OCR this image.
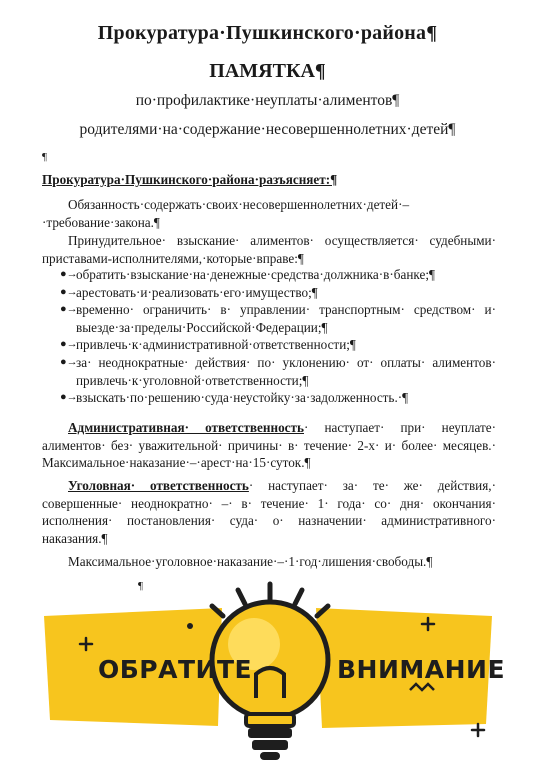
Прокуратура·Пушкинского·района¶
ПАМЯТКА¶
по·профилактике·неуплаты·алиментов¶
родителями·на·содержание·несовершеннолетних·детей¶
¶
Прокуратура·Пушкинского·района·разъясняет:¶
Обязанность·содержать·своих·несовершеннолетних·детей·–·требование·закона.¶
Принудительное· взыскание· алиментов· осуществляется· судебными· приставами-исполнителями,·которые·вправе:¶
●→
обратить·взыскание·на·денежные·средства·должника·в·банке;¶
●→
арестовать·и·реализовать·его·имущество;¶
●→
временно· ограничить· в· управлении· транспортным· средством· и· выезде·за·пределы·Российской·Федерации;¶
●→
привлечь·к·административной·ответственности;¶
●→
за· неоднократные· действия· по· уклонению· от· оплаты· алиментов· привлечь·к·уголовной·ответственности;¶
●→
взыскать·по·решению·суда·неустойку·за·задолженность.·¶
Административная· ответственность· наступает· при· неуплате· алиментов· без· уважительной· причины· в· течение· 2-х· и· более· месяцев.· Максимальное·наказание·–·арест·на·15·суток.¶
Уголовная· ответственность· наступает· за· те· же· действия,· совершенные· неоднократно· –· в· течение· 1· года· со· дня· окончания· исполнения· постановления· суда· о· назначении· административного· наказания.¶
Максимальное·уголовное·наказание·–·1·год·лишения·свободы.¶
¶
ОБРАТИТЕ	ВНИМАНИЕ
